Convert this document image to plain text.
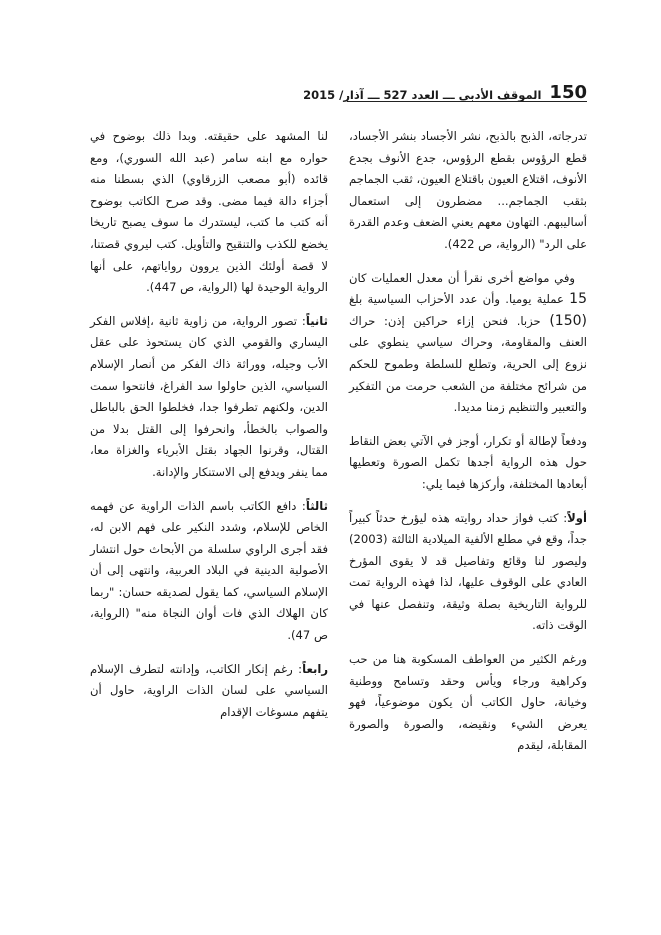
150
الموقف الأدبي ـــ العدد 527 ـــ آذار/ 2015

تدرجاته، الذبح بالذبح، نشر الأجساد بنشر الأجساد، قطع الرؤوس بقطع الرؤوس، جدع الأنوف بجدع الأنوف، اقتلاع العيون باقتلاع العيون، ثقب الجماجم بثقب الجماجم... مضطرون إلى استعمال أساليبهم. التهاون معهم يعني الضعف وعدم القدرة على الرد" (الرواية، ص 422).

وفي مواضع أخرى نقرأ أن معدل العمليات كان 15 عملية يوميا. وأن عدد الأحزاب السياسية بلغ (150) حزبا. فنحن إزاء حراكين إذن: حراك العنف والمقاومة، وحراك سياسي ينطوي على نزوع إلى الحرية، وتطلع للسلطة وطموح للحكم من شرائح مختلفة من الشعب حرمت من التفكير والتعبير والتنظيم زمنا مديدا.

ودفعاً لإطالة أو تكرار، أوجز في الآتي بعض النقاط حول هذه الرواية أجدها تكمل الصورة وتعطيها أبعادها المختلفة، وأركزها فيما يلي:

أولاً: كتب فواز حداد روايته هذه ليؤرخ حدثاً كبيراً جداً، وقع في مطلع الألفية الميلادية الثالثة (2003) وليصور لنا وقائع وتفاصيل قد لا يقوى المؤرخ العادي على الوقوف عليها، لذا فهذه الرواية تمت للرواية التاريخية بصلة وثيقة، وتنفصل عنها في الوقت ذاته.

ورغم الكثير من العواطف المسكوبة هنا من حب وكراهية ورجاء ويأس وحقد وتسامح ووطنية وخيانة، حاول الكاتب أن يكون موضوعياً، فهو يعرض الشيء ونقيضه، والصورة والصورة المقابلة، ليقدم

لنا المشهد على حقيقته. وبدا ذلك بوضوح في حواره مع ابنه سامر (عبد الله السوري)، ومع قائده (أبو مصعب الزرقاوي) الذي بسطنا منه أجزاء دالة فيما مضى. وقد صرح الكاتب بوضوح أنه كتب ما كتب، ليستدرك ما سوف يصبح تاريخا يخضع للكذب والتنقيح والتأويل. كتب ليروي قصتنا، لا قصة أولئك الذين يروون رواياتهم، على أنها الرواية الوحيدة لها (الرواية، ص 447).

ثانياً: تصور الرواية، من زاوية ثانية ،إفلاس الفكر اليساري والقومي الذي كان يستحوذ على عقل الأب وجيله، ووراثة ذاك الفكر من أنصار الإسلام السياسي، الذين حاولوا سد الفراغ، فانتحوا سمت الدين، ولكنهم تطرفوا جدا، فخلطوا الحق بالباطل والصواب بالخطأ، وانحرفوا إلى القتل بدلا من القتال، وقرنوا الجهاد بقتل الأبرياء والغزاة معا، مما ينفر ويدفع إلى الاستنكار والإدانة.

ثالثاً: دافع الكاتب باسم الذات الراوية عن فهمه الخاص للإسلام، وشدد النكير على فهم الابن له، فقد أجرى الراوي سلسلة من الأبحاث حول انتشار الأصولية الدينية في البلاد العربية، وانتهى إلى أن الإسلام السياسي، كما يقول لصديقه حسان: "ربما كان الهلاك الذي فات أوان النجاة منه" (الرواية، ص 47).

رابعاً: رغم إنكار الكاتب، وإدانته لتطرف الإسلام السياسي على لسان الذات الراوية، حاول أن يتفهم مسوغات الإقدام
